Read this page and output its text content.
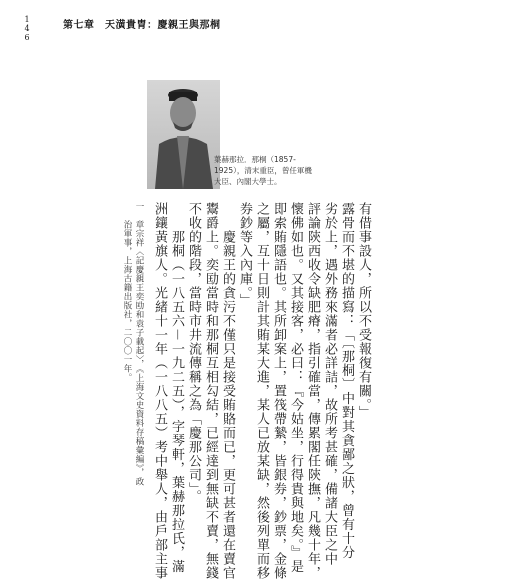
146
第七章　天潢貴胄：慶親王與那桐
葉赫那拉．那桐（1857-1925），清末重臣，曾任軍機大臣、內閣大學士。
有借事設人，所以不受報復有關。」
露骨而不堪的描寫：「〔那桐〕中對其貪鄙之狀，曾有十分
劣於上，遇外務來滿者必詳詰，故所考甚確，備諸大臣之中
評論陝西收令缺肥瘠，指引確當，傳累閣任陝撫，凡幾十年，
懷佛如也。又其接客，必曰：『今姑坐，行得貴與地矣。』是
即索賄隱語也。其所卸案上，置筏帶縶，皆銀券，鈔票，金條
之屬，互十日則計其賄某大進，某人已放某缺，然後列單而移
券鈔等入內庫。」
　　慶親王的貪污不僅只是接受賄賂而已，更可甚者還在賣官
鬻爵上。奕劻當時和那桐互相勾結，已經達到無缺不賣，無錢
不收的階段，當時市井流傳稱之為「慶那公司」。
　　那桐（一八五六－一九二五），字琴軒，葉赫那拉氏，滿
洲鑲黃旗人。光緒十一年（一八八五）考中舉人，由戶部主事
一　章宗祥〈記慶親王奕劻和袁子載起〉，《上海文史資料存稿彙編》，政
　　治軍事，上海古籍出版社，二〇〇一年。
